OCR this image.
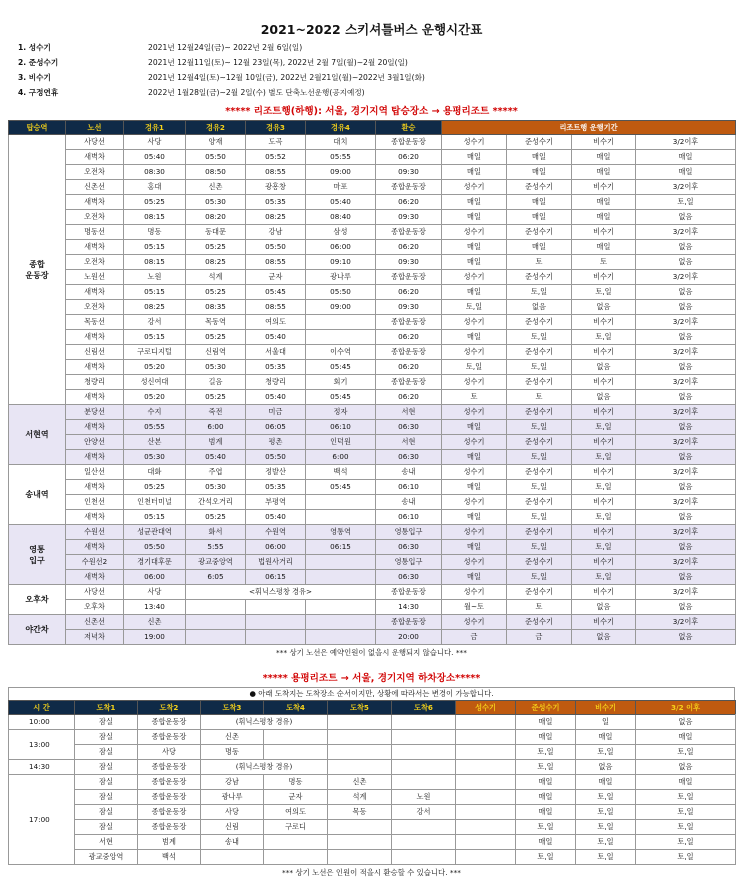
2021~2022 스키셔틀버스 운행시간표
1. 성수기	2021년 12월24일(금)~ 2022년 2월 6일(일)
2. 준성수기	2021년 12월11일(토)~ 12월 23일(목), 2022년 2월 7일(월)~2월 20일(일)
3. 비수기	2021년 12월4일(토)~12월 10일(금), 2022년 2월21일(월)~2022년 3월1일(화)
4. 구정연휴	2022년 1월28일(금)~2월 2일(수) 별도 단축노선운행(공지예정)
***** 리조트행(하행): 서울, 경기지역 탑승장소 → 용평리조트 *****
탑승역	노선	경유1	경유2	경유3	경유4	환승	리조트행 운행기간			
종합
운동장	사당선	사당	양재	도곡	대치	종합운동장	성수기	준성수기	비수기	3/2이후
	새벽차	05:40	05:50	05:52	05:55	06:20	매일	매일	매일	매일
	오전차	08:30	08:50	08:55	09:00	09:30	매일	매일	매일	매일
	신촌선	홍대	신촌	광흥창	마포	종합운동장	성수기	준성수기	비수기	3/2이후
	새벽차	05:25	05:30	05:35	05:40	06:20	매일	매일	매일	토,일
	오전차	08:15	08:20	08:25	08:40	09:30	매일	매일	매일	없음
	명동선	명동	동대문	강남	삼성	종합운동장	성수기	준성수기	비수기	3/2이후
	새벽차	05:15	05:25	05:50	06:00	06:20	매일	매일	매일	없음
	오전차	08:15	08:25	08:55	09:10	09:30	매일	토	토	없음
	노원선	노원	석계	군자	광나루	종합운동장	성수기	준성수기	비수기	3/2이후
	새벽차	05:15	05:25	05:45	05:50	06:20	매일	토,일	토,일	없음
	오전차	08:25	08:35	08:55	09:00	09:30	토,일	없음	없음	없음
	목동선	강서	목동역	여의도		종합운동장	성수기	준성수기	비수기	3/2이후
	새벽차	05:15	05:25	05:40		06:20	매일	토,일	토,일	없음
	신림선	구로디지털	신림역	서울대	이수역	종합운동장	성수기	준성수기	비수기	3/2이후
	새벽차	05:20	05:30	05:35	05:45	06:20	토,일	토,일	없음	없음
	청량리	성신여대	길음	청량리	회기	종합운동장	성수기	준성수기	비수기	3/2이후
	새벽차	05:20	05:25	05:40	05:45	06:20	토	토	없음	없음
서현역	분당선	수지	죽전	미금	정자	서현	성수기	준성수기	비수기	3/2이후
	새벽차	05:55	6:00	06:05	06:10	06:30	매일	토,일	토,일	없음
	안양선	산본	범계	평촌	인덕원	서현	성수기	준성수기	비수기	3/2이후
	새벽차	05:30	05:40	05:50	6:00	06:30	매일	토,일	토,일	없음
송내역	일산선	대화	주엽	정발산	백석	송내	성수기	준성수기	비수기	3/2이후
	새벽차	05:25	05:30	05:35	05:45	06:10	매일	토,일	토,일	없음
	인천선	인천터미널	간석오거리	부평역		송내	성수기	준성수기	비수기	3/2이후
	새벽차	05:15	05:25	05:40		06:10	매일	토,일	토,일	없음
영통
입구	수원선	성균관대역	화서	수원역	영통역	영통입구	성수기	준성수기	비수기	3/2이후
	새벽차	05:50	5:55	06:00	06:15	06:30	매일	토,일	토,일	없음
	수원선2	경기대후문	광교중앙역	법원사거리		영통입구	성수기	준성수기	비수기	3/2이후
	새벽차	06:00	6:05	06:15		06:30	매일	토,일	토,일	없음
오후차	사당선	사당	<휘닉스평창 경유>			종합운동장	성수기	준성수기	비수기	3/2이후
	오후차	13:40				14:30	월~토	토	없음	없음
야간차	신촌선	신촌				종합운동장	성수기	준성수기	비수기	3/2이후
	저녁차	19:00				20:00	금	금	없음	없음
*** 상기 노선은 예약인원이 없을시 운행되지 않습니다. ***
***** 용평리조트 → 서울, 경기지역 하차장소*****
● 아래 도착지는 도착장소 순서이지만, 상황에 따라서는 변경이 가능합니다.
시 간	도착1	도착2	도착3	도착4	도착5	도착6	성수기	준성수기	비수기	3/2 이후	
10:00	잠실	종합운동장	(휘닉스평창 경유)					매일	일	없음	
13:00	잠실	종합운동장	신촌					매일	매일	매일	
	잠실	사당	명동					토,일	토,일	토,일	
14:30	잠실	종합운동장	(휘닉스평창 경유)					토,일	없음	없음	
17:00	잠실	종합운동장	강남	명동	신촌			매일	매일	매일	
	잠실	종합운동장	광나루	군자	석계	노원		매일	토,일	토,일	
	잠실	종합운동장	사당	여의도	목동	강서		매일	토,일	토,일	
	잠실	종합운동장	신림	구로디				토,일	토,일	토,일	
	서현	범계	송내					매일	토,일	토,일	
	광교중앙역	백석						토,일	토,일	토,일	
*** 상기 노선은 인원이 적을시 환승할 수 있습니다. ***
